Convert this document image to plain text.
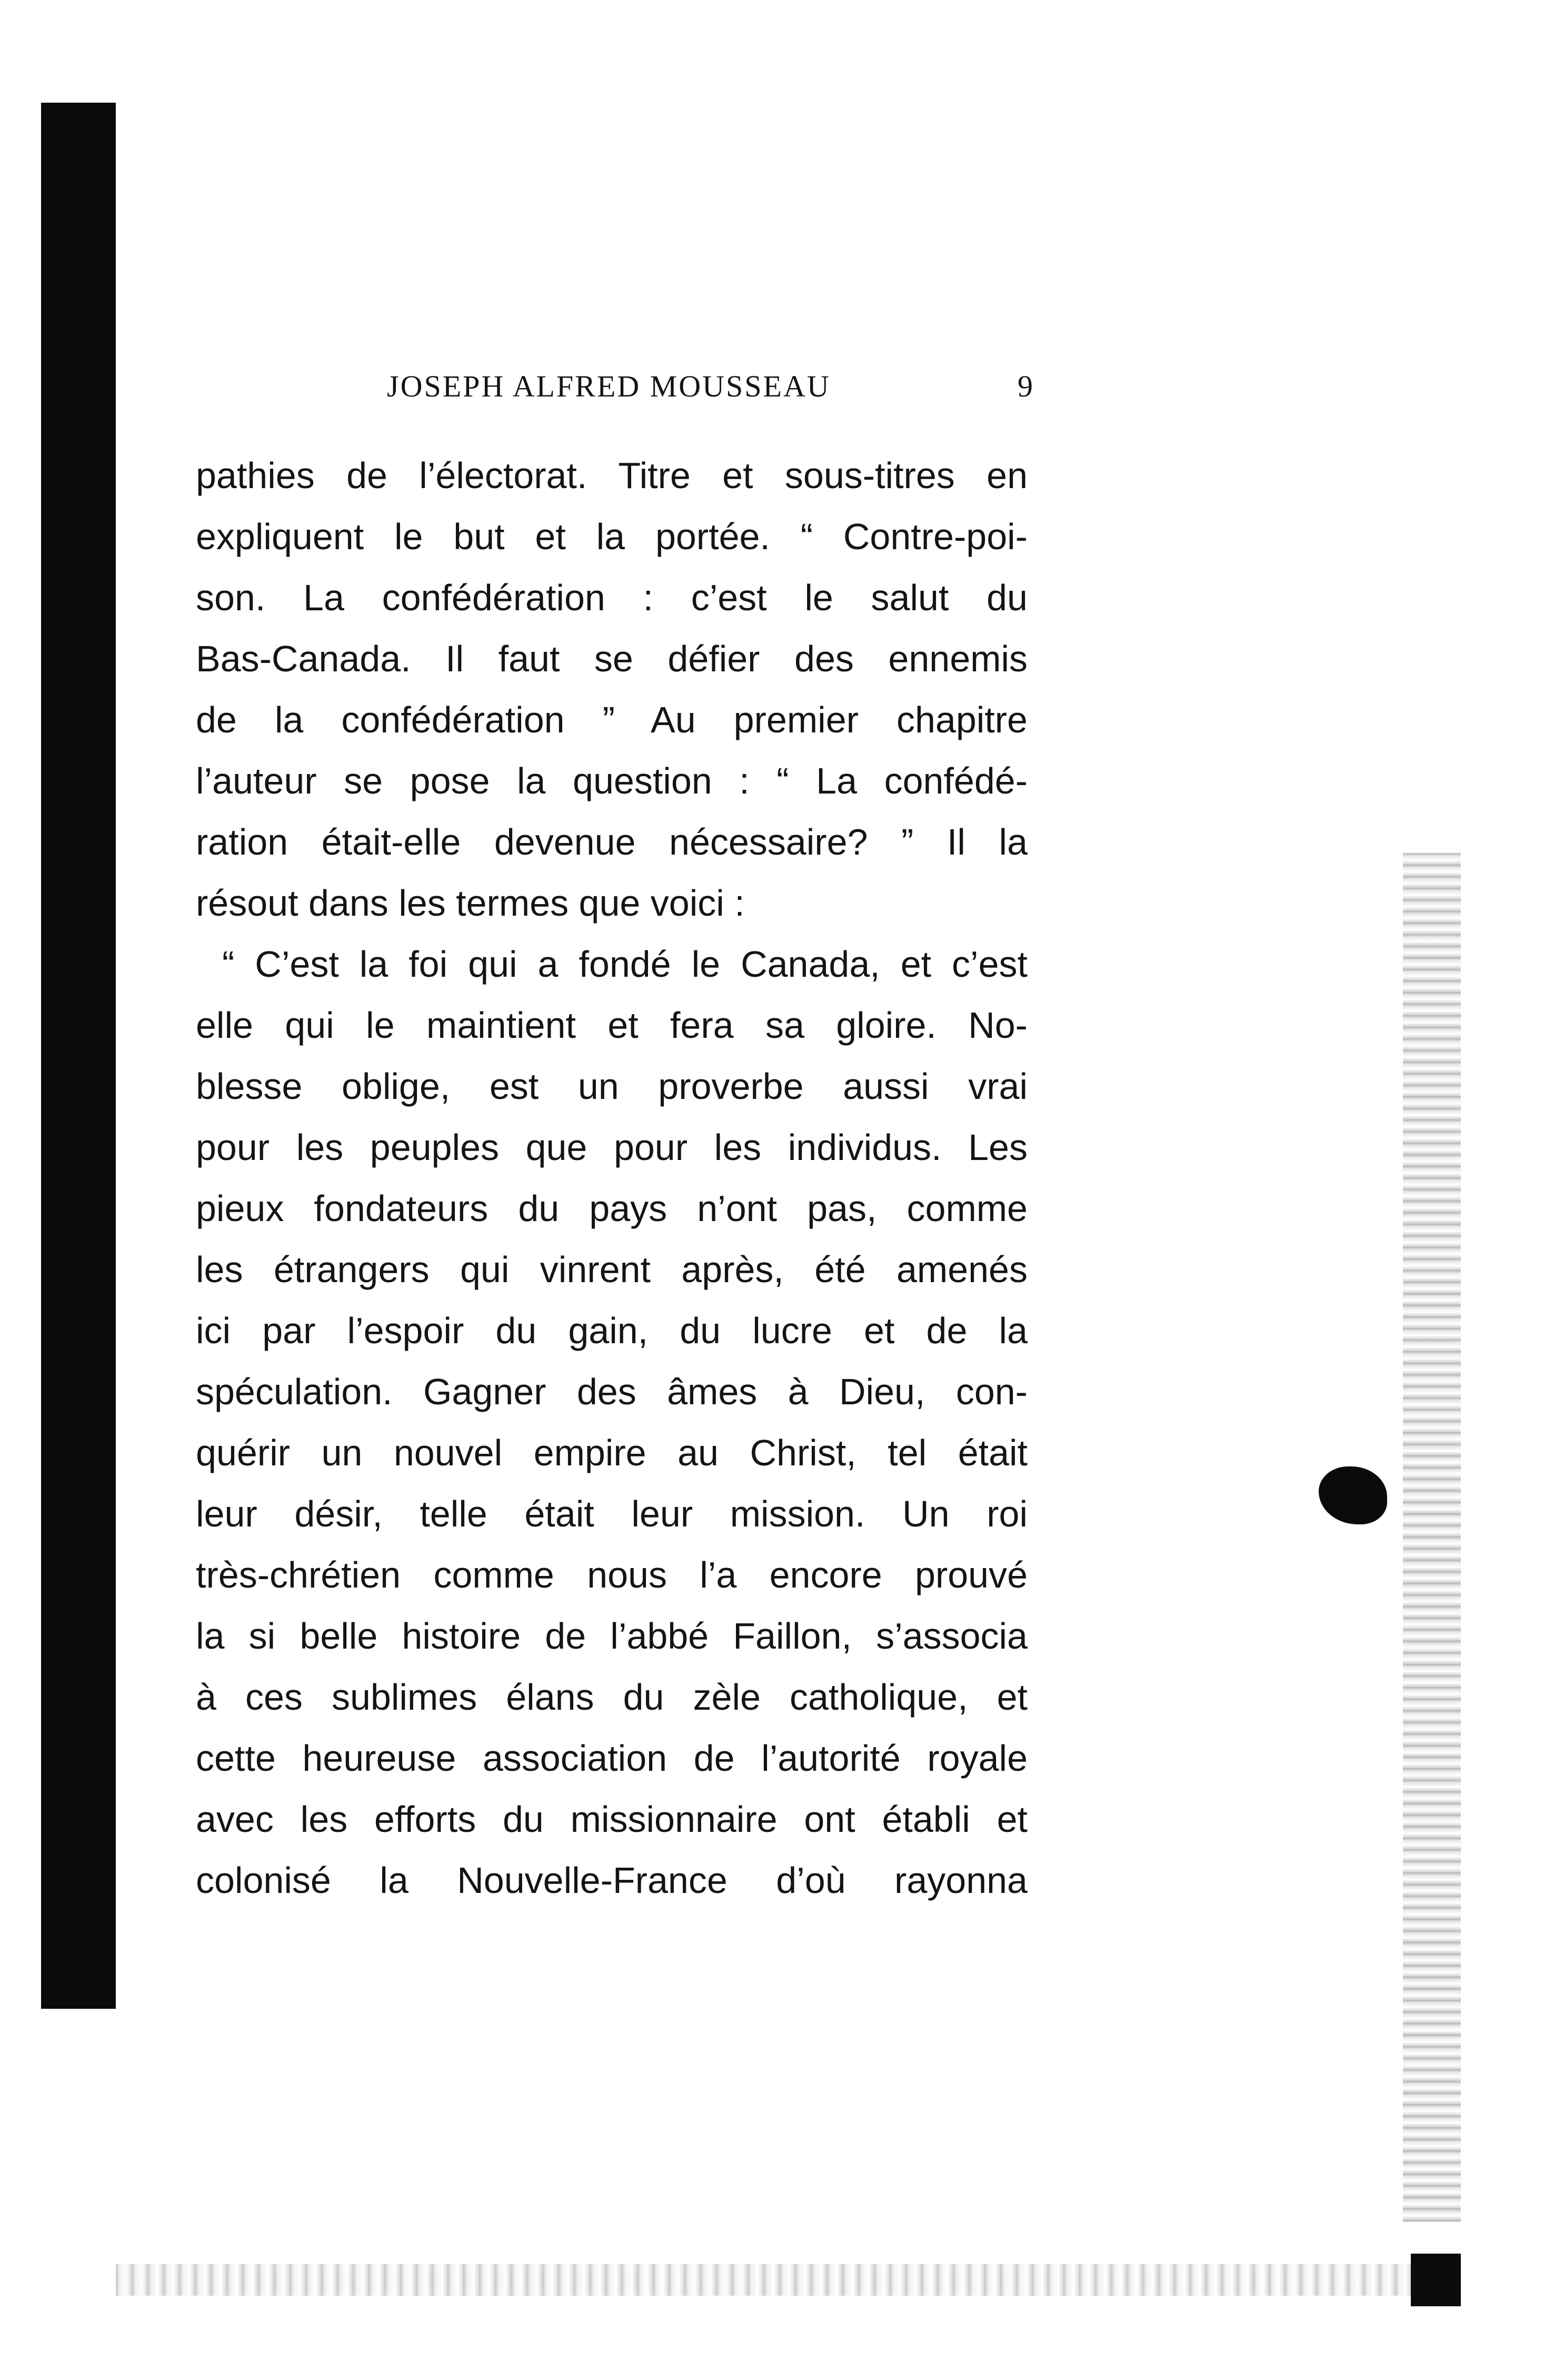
JOSEPH ALFRED MOUSSEAU	9
pathies de l’électorat. Titre et sous-titres en
expliquent le but et la portée. “ Contre-poi-
son. La confédération : c’est le salut du
Bas-Canada. Il faut se défier des ennemis
de la confédération ” Au premier chapitre
l’auteur se pose la question : “ La confédé-
ration était-elle devenue nécessaire? ” Il la
résout dans les termes que voici :
“ C’est la foi qui a fondé le Canada, et c’est
elle qui le maintient et fera sa gloire. No-
blesse oblige, est un proverbe aussi vrai
pour les peuples que pour les individus. Les
pieux fondateurs du pays n’ont pas, comme
les étrangers qui vinrent après, été amenés
ici par l’espoir du gain, du lucre et de la
spéculation. Gagner des âmes à Dieu, con-
quérir un nouvel empire au Christ, tel était
leur désir, telle était leur mission. Un roi
très-chrétien comme nous l’a encore prouvé
la si belle histoire de l’abbé Faillon, s’associa
à ces sublimes élans du zèle catholique, et
cette heureuse association de l’autorité royale
avec les efforts du missionnaire ont établi et
colonisé la Nouvelle-France d’où rayonna
